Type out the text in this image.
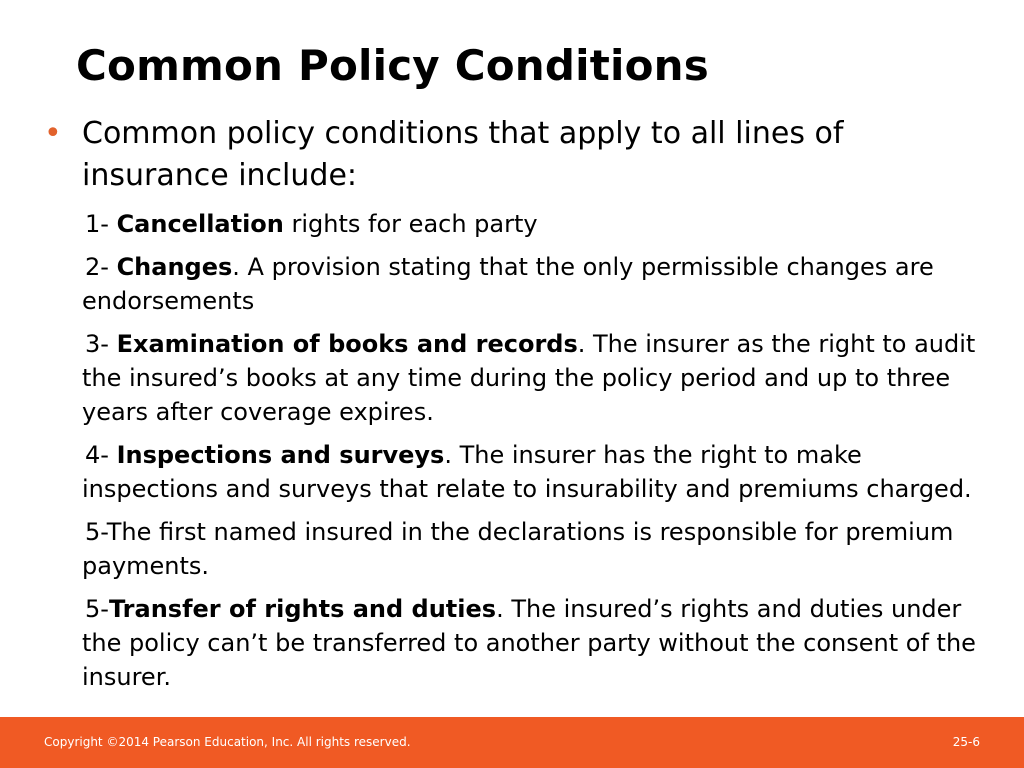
Common Policy Conditions
• Common policy conditions that apply to all lines of insurance include:

1- Cancellation rights for each party

2- Changes. A provision stating that the only permissible changes are endorsements

3- Examination of books and records. The insurer as the right to audit the insured’s books at any time during the policy period and up to three years after coverage expires.

4- Inspections and surveys. The insurer has the right to make inspections and surveys that relate to insurability and premiums charged.

5-The first named insured in the declarations is responsible for premium payments.

5-Transfer of rights and duties. The insured’s rights and duties under the policy can’t be transferred to another party without the consent of the insurer.

Copyright ©2014 Pearson Education, Inc. All rights reserved.	25-6
